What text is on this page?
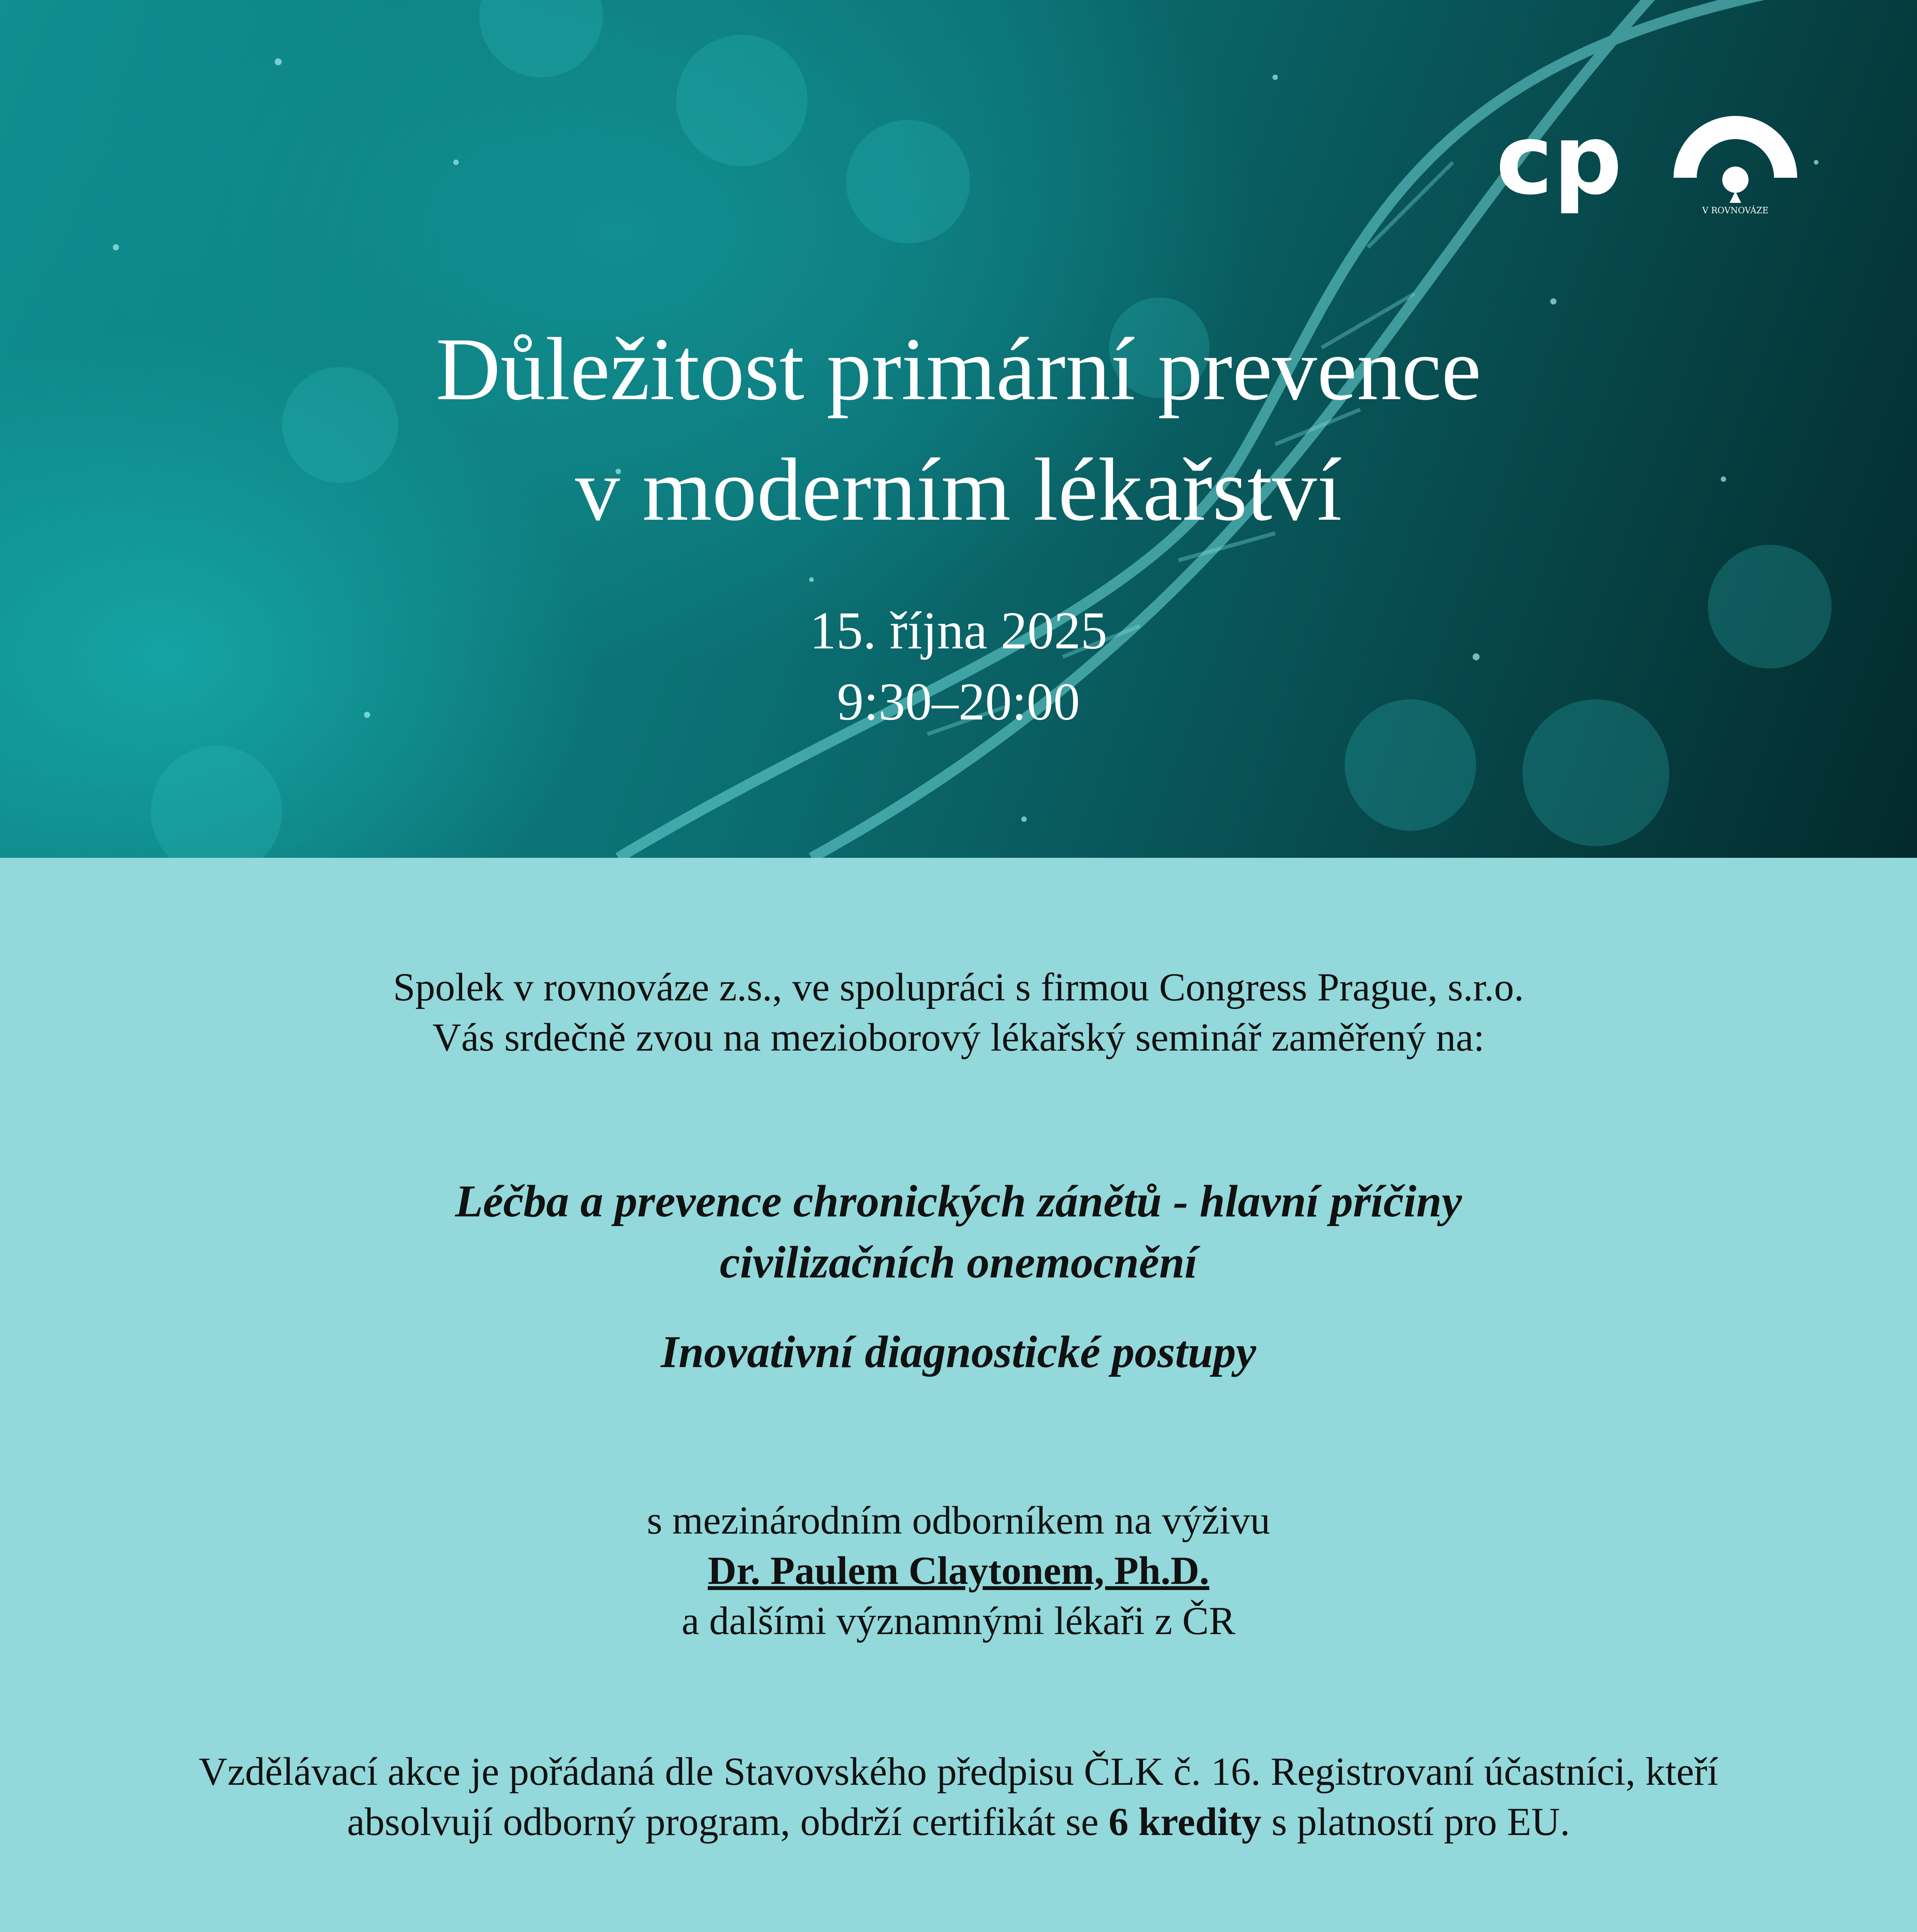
cp	V ROVNOVÁZE
Důležitost primární prevence
v moderním lékařství
15. října 2025
9:30–20:00
Spolek v rovnováze z.s., ve spolupráci s firmou Congress Prague, s.r.o.
Vás srdečně zvou na mezioborový lékařský seminář zaměřený na:
Léčba a prevence chronických zánětů - hlavní příčiny
civilizačních onemocnění
Inovativní diagnostické postupy
s mezinárodním odborníkem na výživu
Dr. Paulem Claytonem, Ph.D.
a dalšími významnými lékaři z ČR
Vzdělávací akce je pořádaná dle Stavovského předpisu ČLK č. 16. Registrovaní účastníci, kteří
absolvují odborný program, obdrží certifikát se 6 kredity s platností pro EU.
